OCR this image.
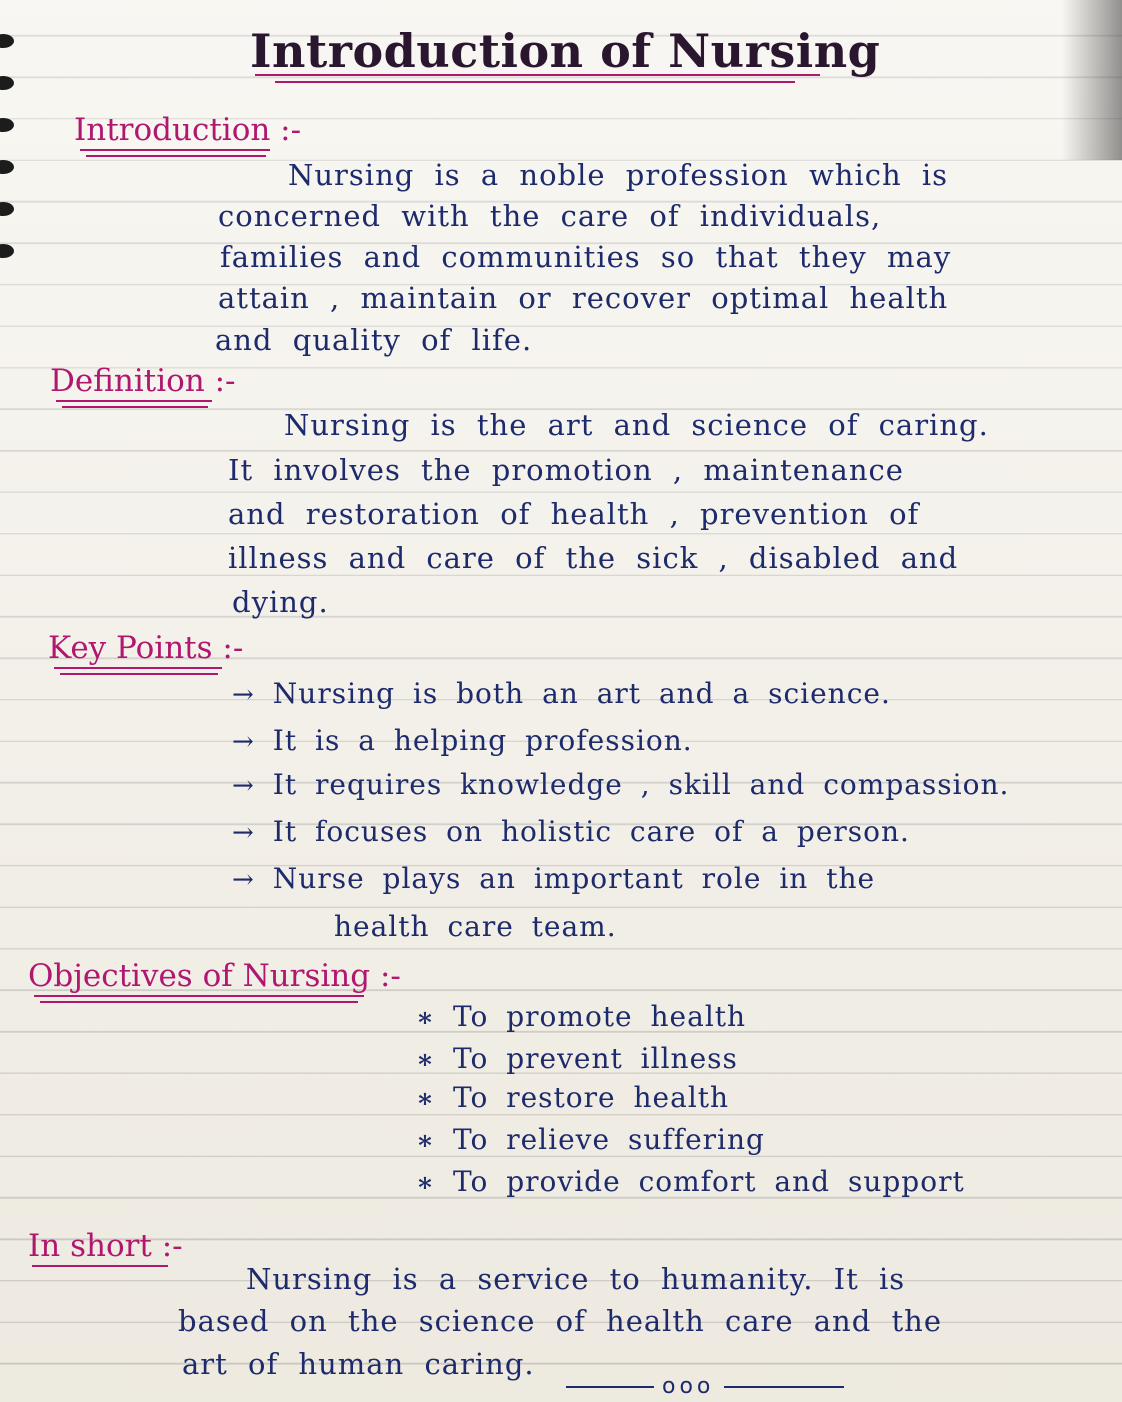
Introduction of Nursing
Introduction :-
Nursing is a noble profession which is
concerned with the care of individuals,
families and communities so that they may
attain , maintain or recover optimal health
and quality of life.
Definition :-
Nursing is the art and science of caring.
It involves the promotion , maintenance
and restoration of health , prevention of
illness and care of the sick , disabled and
dying.
Key Points :-
→ Nursing is both an art and a science.
→ It is a helping profession.
→ It requires knowledge , skill and compassion.
→ It focuses on holistic care of a person.
→ Nurse plays an important role in the
health care team.
Objectives of Nursing :-
∗ To promote health
∗ To prevent illness
∗ To restore health
∗ To relieve suffering
∗ To provide comfort and support
In short :-
Nursing is a service to humanity. It is
based on the science of health care and the
art of human caring.
ooo
